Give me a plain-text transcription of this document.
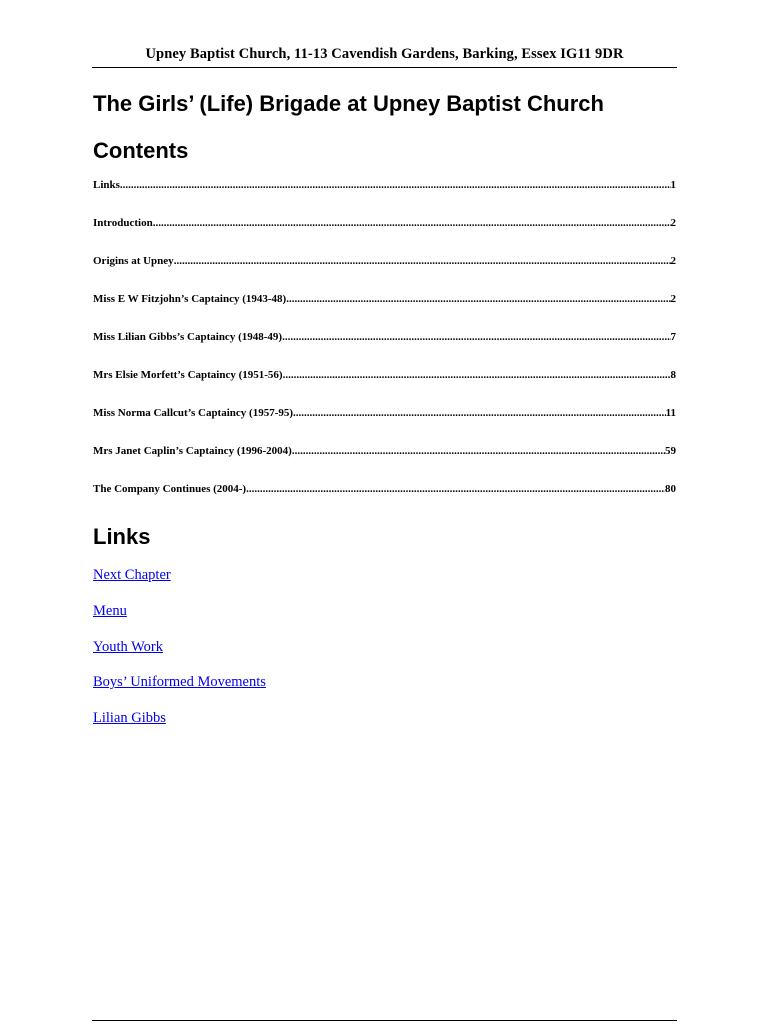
Upney Baptist Church, 11-13 Cavendish Gardens, Barking, Essex IG11 9DR
The Girls’ (Life) Brigade at Upney Baptist Church
Contents
Links .....	1
Introduction .....	2
Origins at Upney .....	2
Miss E W Fitzjohn’s Captaincy (1943-48) .....	2
Miss Lilian Gibbs’s Captaincy (1948-49) .....	7
Mrs Elsie Morfett’s Captaincy (1951-56) .....	8
Miss Norma Callcut’s Captaincy (1957-95) .....	11
Mrs Janet Caplin’s Captaincy (1996-2004) .....	59
The Company Continues (2004-) .....	80
Links
Next Chapter
Menu
Youth Work
Boys’ Uniformed Movements
Lilian Gibbs
